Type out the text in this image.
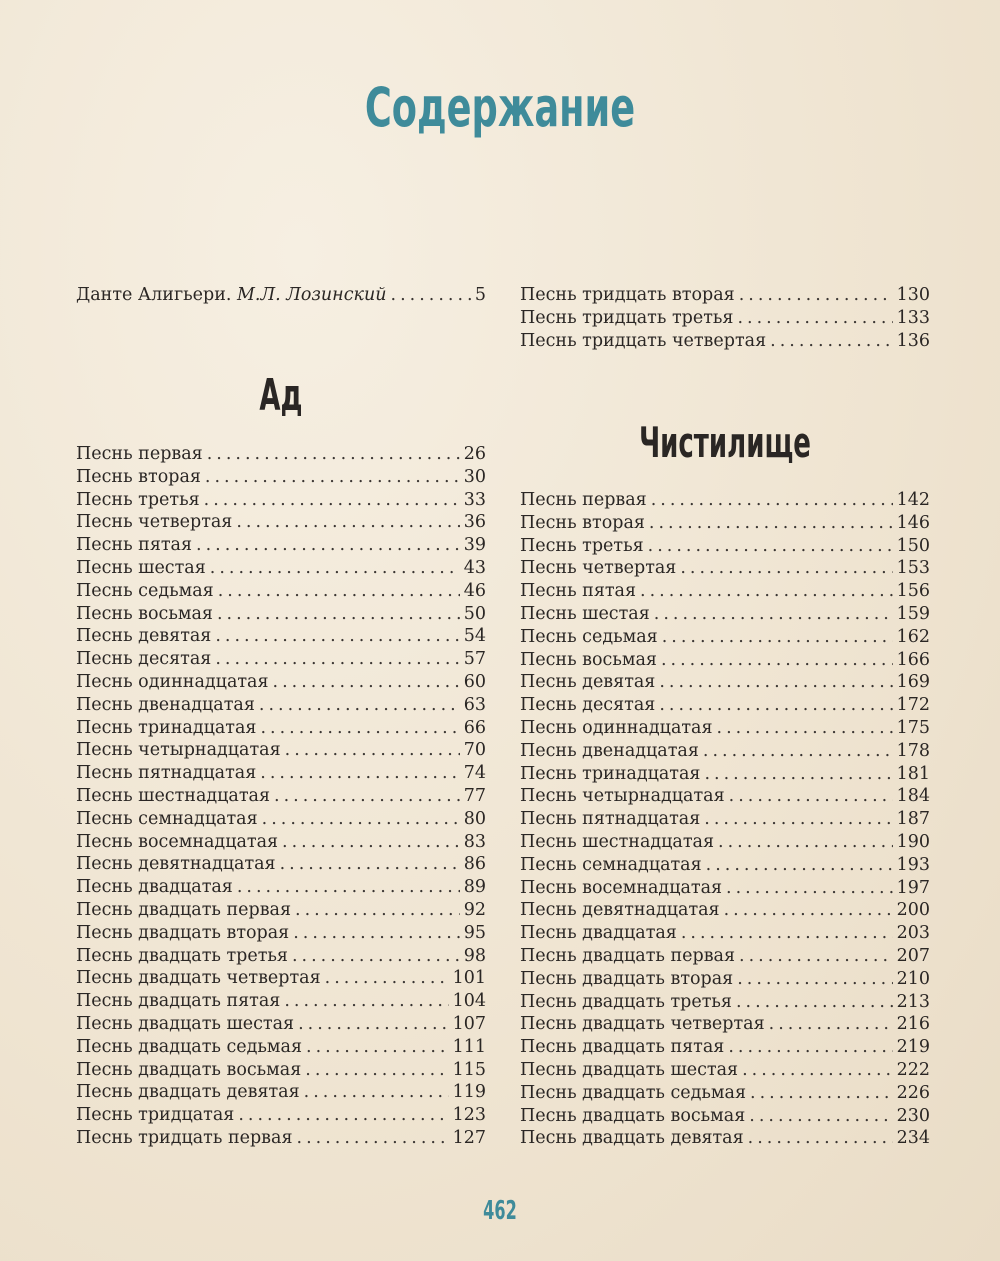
Содержание
Данте Алигьери. М.Л. Лозинский .....	5
Ад
Песнь первая .....	26
Песнь вторая .....	30
Песнь третья .....	33
Песнь четвертая .....	36
Песнь пятая .....	39
Песнь шестая .....	43
Песнь седьмая .....	46
Песнь восьмая .....	50
Песнь девятая .....	54
Песнь десятая .....	57
Песнь одиннадцатая .....	60
Песнь двенадцатая .....	63
Песнь тринадцатая .....	66
Песнь четырнадцатая .....	70
Песнь пятнадцатая .....	74
Песнь шестнадцатая .....	77
Песнь семнадцатая .....	80
Песнь восемнадцатая .....	83
Песнь девятнадцатая .....	86
Песнь двадцатая .....	89
Песнь двадцать первая .....	92
Песнь двадцать вторая .....	95
Песнь двадцать третья .....	98
Песнь двадцать четвертая .....	101
Песнь двадцать пятая .....	104
Песнь двадцать шестая .....	107
Песнь двадцать седьмая .....	111
Песнь двадцать восьмая .....	115
Песнь двадцать девятая .....	119
Песнь тридцатая .....	123
Песнь тридцать первая .....	127
Песнь тридцать вторая .....	130
Песнь тридцать третья .....	133
Песнь тридцать четвертая .....	136
Чистилище
Песнь первая .....	142
Песнь вторая .....	146
Песнь третья .....	150
Песнь четвертая .....	153
Песнь пятая .....	156
Песнь шестая .....	159
Песнь седьмая .....	162
Песнь восьмая .....	166
Песнь девятая .....	169
Песнь десятая .....	172
Песнь одиннадцатая .....	175
Песнь двенадцатая .....	178
Песнь тринадцатая .....	181
Песнь четырнадцатая .....	184
Песнь пятнадцатая .....	187
Песнь шестнадцатая .....	190
Песнь семнадцатая .....	193
Песнь восемнадцатая .....	197
Песнь девятнадцатая .....	200
Песнь двадцатая .....	203
Песнь двадцать первая .....	207
Песнь двадцать вторая .....	210
Песнь двадцать третья .....	213
Песнь двадцать четвертая .....	216
Песнь двадцать пятая .....	219
Песнь двадцать шестая .....	222
Песнь двадцать седьмая .....	226
Песнь двадцать восьмая .....	230
Песнь двадцать девятая .....	234
462
